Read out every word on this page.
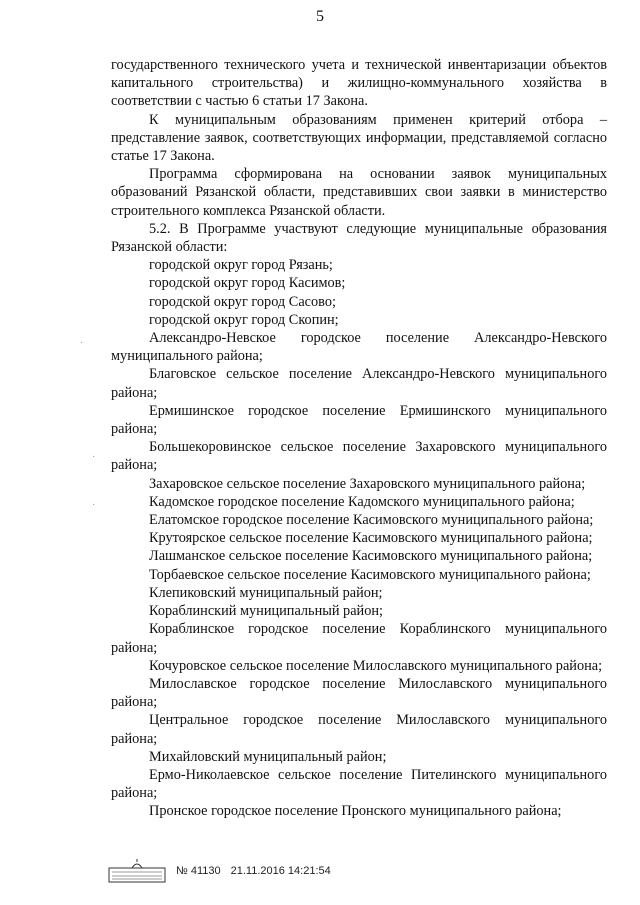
5

государственного технического учета и технической инвентаризации объектов капитального строительства) и жилищно-коммунального хозяйства в соответствии с частью 6 статьи 17 Закона.

К муниципальным образованиям применен критерий отбора – представление заявок, соответствующих информации, представляемой согласно статье 17 Закона.

Программа сформирована на основании заявок муниципальных образований Рязанской области, представивших свои заявки в министерство строительного комплекса Рязанской области.

5.2. В Программе участвуют следующие муниципальные образования Рязанской области:

городской округ город Рязань;

городской округ город Касимов;

городской округ город Сасово;

городской округ город Скопин;

Александро-Невское городское поселение Александро-Невского муниципального района;

Благовское сельское поселение Александро-Невского муниципального района;

Ермишинское городское поселение Ермишинского муниципального района;

Большекоровинское сельское поселение Захаровского муниципального района;

Захаровское сельское поселение Захаровского муниципального района;

Кадомское городское поселение Кадомского муниципального района;

Елатомское городское поселение Касимовского муниципального района;

Крутоярское сельское поселение Касимовского муниципального района;

Лашманское сельское поселение Касимовского муниципального района;

Торбаевское сельское поселение Касимовского муниципального района;

Клепиковский муниципальный район;

Кораблинский муниципальный район;

Кораблинское городское поселение Кораблинского муниципального района;

Кочуровское сельское поселение Милославского муниципального района;

Милославское городское поселение Милославского муниципального района;

Центральное городское поселение Милославского муниципального района;

Михайловский муниципальный район;

Ермо-Николаевское сельское поселение Пителинского муниципального района;

Пронское городское поселение Пронского муниципального района;

·
·
·
№ 41130 21.11.2016 14:21:54
